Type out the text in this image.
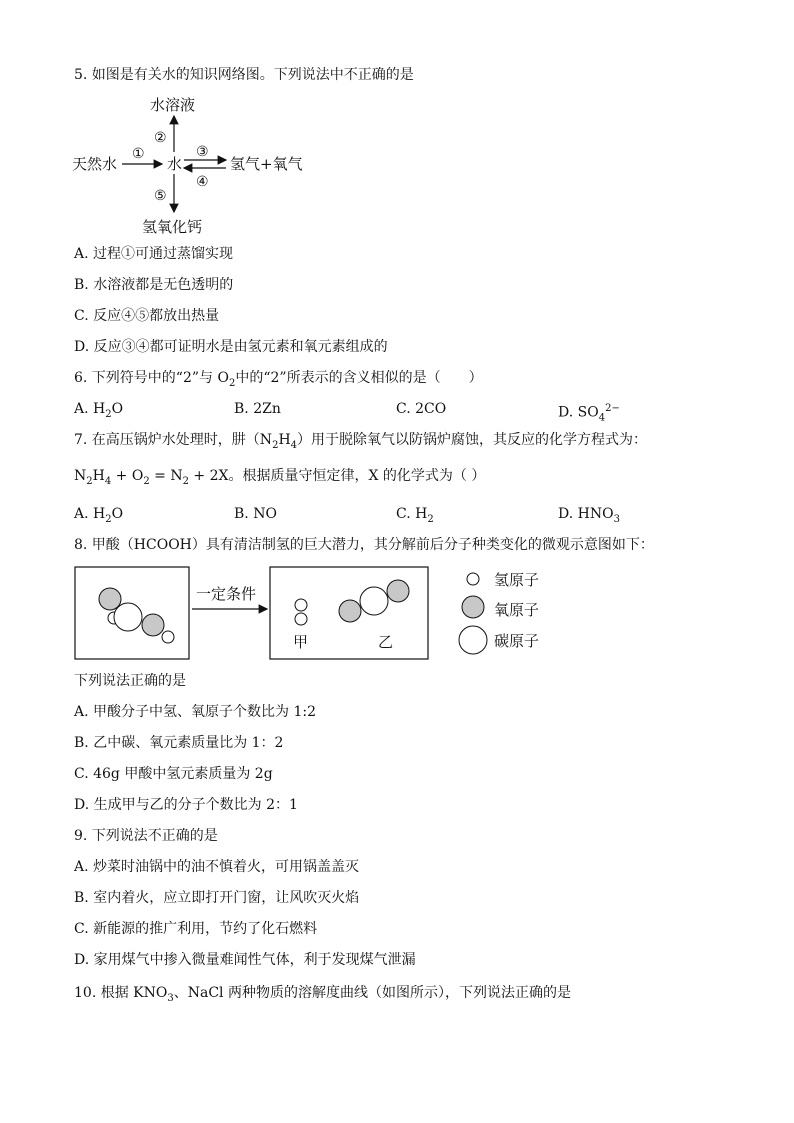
5. 如图是有关水的知识网络图。下列说法中不正确的是
水溶液
天然水	水	氢气+氧气
氢氧化钙
①
②
③
④
⑤
A. 过程①可通过蒸馏实现
B. 水溶液都是无色透明的
C. 反应④⑤都放出热量
D. 反应③④都可证明水是由氢元素和氧元素组成的
6. 下列符号中的“2”与 $O_2$中的“2”所表示的含义相似的是（　　）
A. $H_2O$	B. 2Zn	C. 2CO	D. $SO_4^{2-}$
7. 在高压锅炉水处理时，肼$(N_2H_4)$用于脱除氧气以防锅炉腐蚀，其反应的化学方程式为：
$N_2H_4 + O_2 = N_2 + 2X$。根据质量守恒定律，X 的化学式为（ ）
A. $H_2O$	B. NO	C. $H_2$	D. $HNO_3$
8. 甲酸（HCOOH）具有清洁制氢的巨大潜力，其分解前后分子种类变化的微观示意图如下：
一定条件
甲	乙
氢原子
氧原子
碳原子
下列说法正确的是
A. 甲酸分子中氢、氧原子个数比为 1:2
B. 乙中碳、氧元素质量比为 1：2
C. 46g 甲酸中氢元素质量为 2g
D. 生成甲与乙的分子个数比为 2：1
9. 下列说法不正确的是
A. 炒菜时油锅中的油不慎着火，可用锅盖盖灭
B. 室内着火，应立即打开门窗，让风吹灭火焰
C. 新能源的推广利用，节约了化石燃料
D. 家用煤气中掺入微量难闻性气体，利于发现煤气泄漏
10. 根据 $KNO_3$、NaCl 两种物质的溶解度曲线（如图所示），下列说法正确的是
